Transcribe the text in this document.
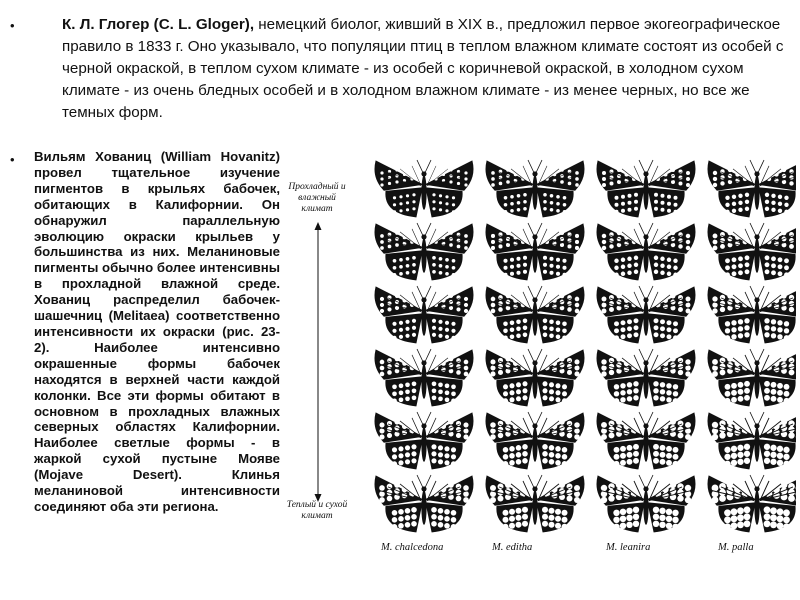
•	К. Л. Глогер (C. L. Gloger), немецкий биолог, живший в XIX в., предложил первое экогеографическое правило в 1833 г. Оно указывало, что популяции птиц в теплом влажном климате состоят из особей с черной окраской, в теплом сухом климате - из особей с коричневой окраской, в холодном сухом климате - из очень бледных особей и в холодном влажном климате - из менее черных, но все же темных форм.
• Вильям Хованиц (William Hovanitz) провел тщательное изучение пигментов в крыльях бабочек, обитающих в Калифорнии. Он обнаружил параллельную эволюцию окраски крыльев у большинства из них. Меланиновые пигменты обычно более интенсивны в прохладной влажной среде. Хованиц распределил бабочек-шашечниц (Melitaea) соответственно интенсивности их окраски (рис. 23-2). Наиболее интенсивно окрашенные формы бабочек находятся в верхней части каждой колонки. Все эти формы обитают в основном в прохладных влажных северных областях Калифорнии. Наиболее светлые формы - в жаркой сухой пустыне Мояве (Mojave Desert). Клинья меланиновой интенсивности соединяют оба эти региона.
Прохладный и влажный климат
Теплый и сухой климат
M. chalcedona	M. editha	M. leanira	M. palla
